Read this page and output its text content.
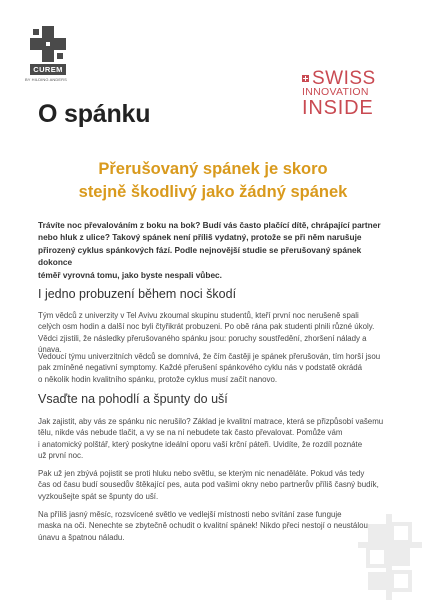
CUREM
BY HILDING ANDERS	SWISS
INNOVATION
INSIDE
O spánku
Přerušovaný spánek je skoro
stejně škodlivý jako žádný spánek
Trávíte noc převalováním z boku na bok? Budí vás často plačící dítě, chrápající partner
nebo hluk z ulice? Takový spánek není příliš vydatný, protože se při něm narušuje
přirozený cyklus spánkových fází. Podle nejnovější studie se přerušovaný spánek dokonce
téměř vyrovná tomu, jako byste nespali vůbec.
I jedno probuzení během noci škodí
Tým vědců z univerzity v Tel Avivu zkoumal skupinu studentů, kteří první noc nerušeně spali
celých osm hodin a další noc byli čtyřikrát probuzeni. Po obě rána pak studenti plnili různé úkoly.
Vědci zjistili, že následky přerušovaného spánku jsou: poruchy soustředění, zhoršení nálady a únava.
Vedoucí týmu univerzitních vědců se domnívá, že čím častěji je spánek přerušován, tím horší jsou
pak zmíněné negativní symptomy. Každé přerušení spánkového cyklu nás v podstatě okrádá
o několik hodin kvalitního spánku, protože cyklus musí začít nanovo.
Vsaďte na pohodlí a špunty do uší
Jak zajistit, aby vás ze spánku nic nerušilo? Základ je kvalitní matrace, která se přizpůsobí vašemu
tělu, nikde vás nebude tlačit, a vy se na ní nebudete tak často převalovat. Pomůže vám
i anatomický polštář, který poskytne ideální oporu vaší krční páteři. Uvidíte, že rozdíl poznáte
už první noc.
Pak už jen zbývá pojistit se proti hluku nebo světlu, se kterým nic nenaděláte. Pokud vás tedy
čas od času budí sousedův štěkající pes, auta pod vašimi okny nebo partnerův příliš časný budík,
vyzkoušejte spát se špunty do uší.
Na příliš jasný měsíc, rozsvícené světlo ve vedlejší místnosti nebo svítání zase funguje
maska na oči. Nenechte se zbytečně ochudit o kvalitní spánek! Nikdo přeci nestojí o neustálou
únavu a špatnou náladu.
